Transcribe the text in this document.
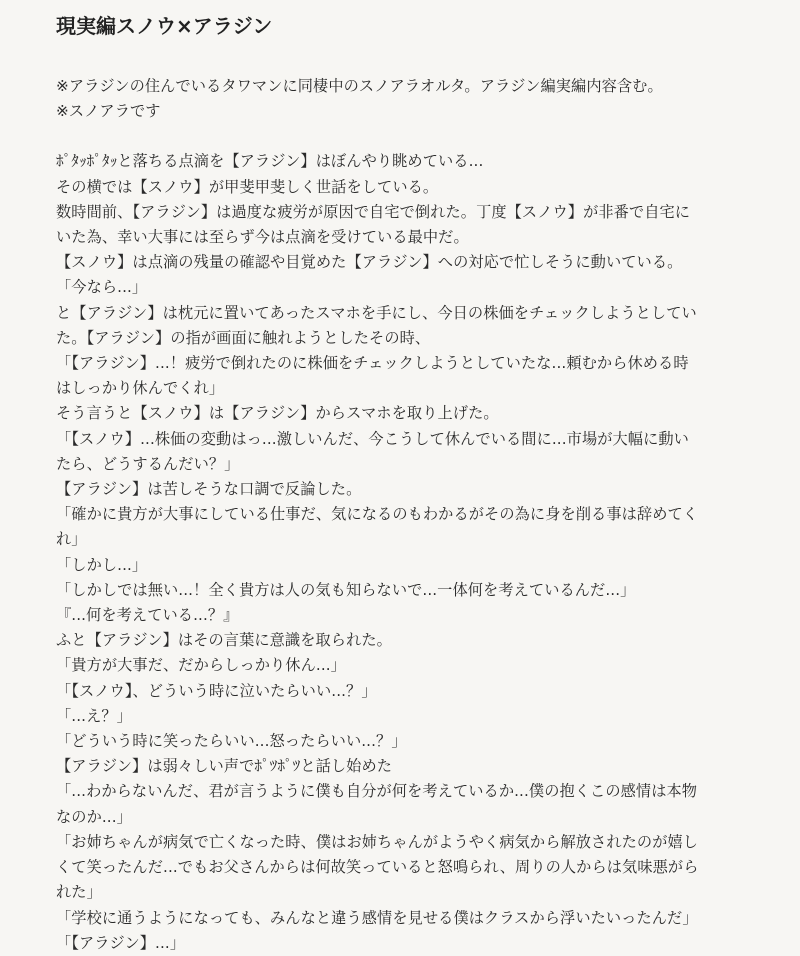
現実編スノウ×アラジン
※アラジンの住んでいるタワマンに同棲中のスノアラオルタ。アラジン編実編内容含む。
※スノアラです
ﾎﾟﾀｯﾎﾟﾀｯと落ちる点滴を【アラジン】はぼんやり眺めている...
その横では【スノウ】が甲斐甲斐しく世話をしている。
数時間前、【アラジン】は過度な疲労が原因で自宅で倒れた。丁度【スノウ】が非番で自宅に
いた為、幸い大事には至らず今は点滴を受けている最中だ。
【スノウ】は点滴の残量の確認や目覚めた【アラジン】への対応で忙しそうに動いている。
「今なら...」
と【アラジン】は枕元に置いてあったスマホを手にし、今日の株価をチェックしようとしてい
た。【アラジン】の指が画面に触れようとしたその時、
「【アラジン】...！疲労で倒れたのに株価をチェックしようとしていたな...頼むから休める時
はしっかり休んでくれ」
そう言うと【スノウ】は【アラジン】からスマホを取り上げた。
「【スノウ】...株価の変動はっ...激しいんだ、今こうして休んでいる間に...市場が大幅に動い
たら、どうするんだい？」
【アラジン】は苦しそうな口調で反論した。
「確かに貴方が大事にしている仕事だ、気になるのもわかるがその為に身を削る事は辞めてく
れ」
「しかし...」
「しかしでは無い...！全く貴方は人の気も知らないで...一体何を考えているんだ...」
『...何を考えている...？』
ふと【アラジン】はその言葉に意識を取られた。
「貴方が大事だ、だからしっかり休ん...」
「【スノウ】、どういう時に泣いたらいい...？」
「...え？」
「どういう時に笑ったらいい...怒ったらいい...？」
【アラジン】は弱々しい声でﾎﾟﾂﾎﾟﾂと話し始めた
「...わからないんだ、君が言うように僕も自分が何を考えているか...僕の抱くこの感情は本物
なのか...」
「お姉ちゃんが病気で亡くなった時、僕はお姉ちゃんがようやく病気から解放されたのが嬉し
くて笑ったんだ...でもお父さんからは何故笑っていると怒鳴られ、周りの人からは気味悪がら
れた」
「学校に通うようになっても、みんなと違う感情を見せる僕はクラスから浮いたいったんだ」
「【アラジン】...」
